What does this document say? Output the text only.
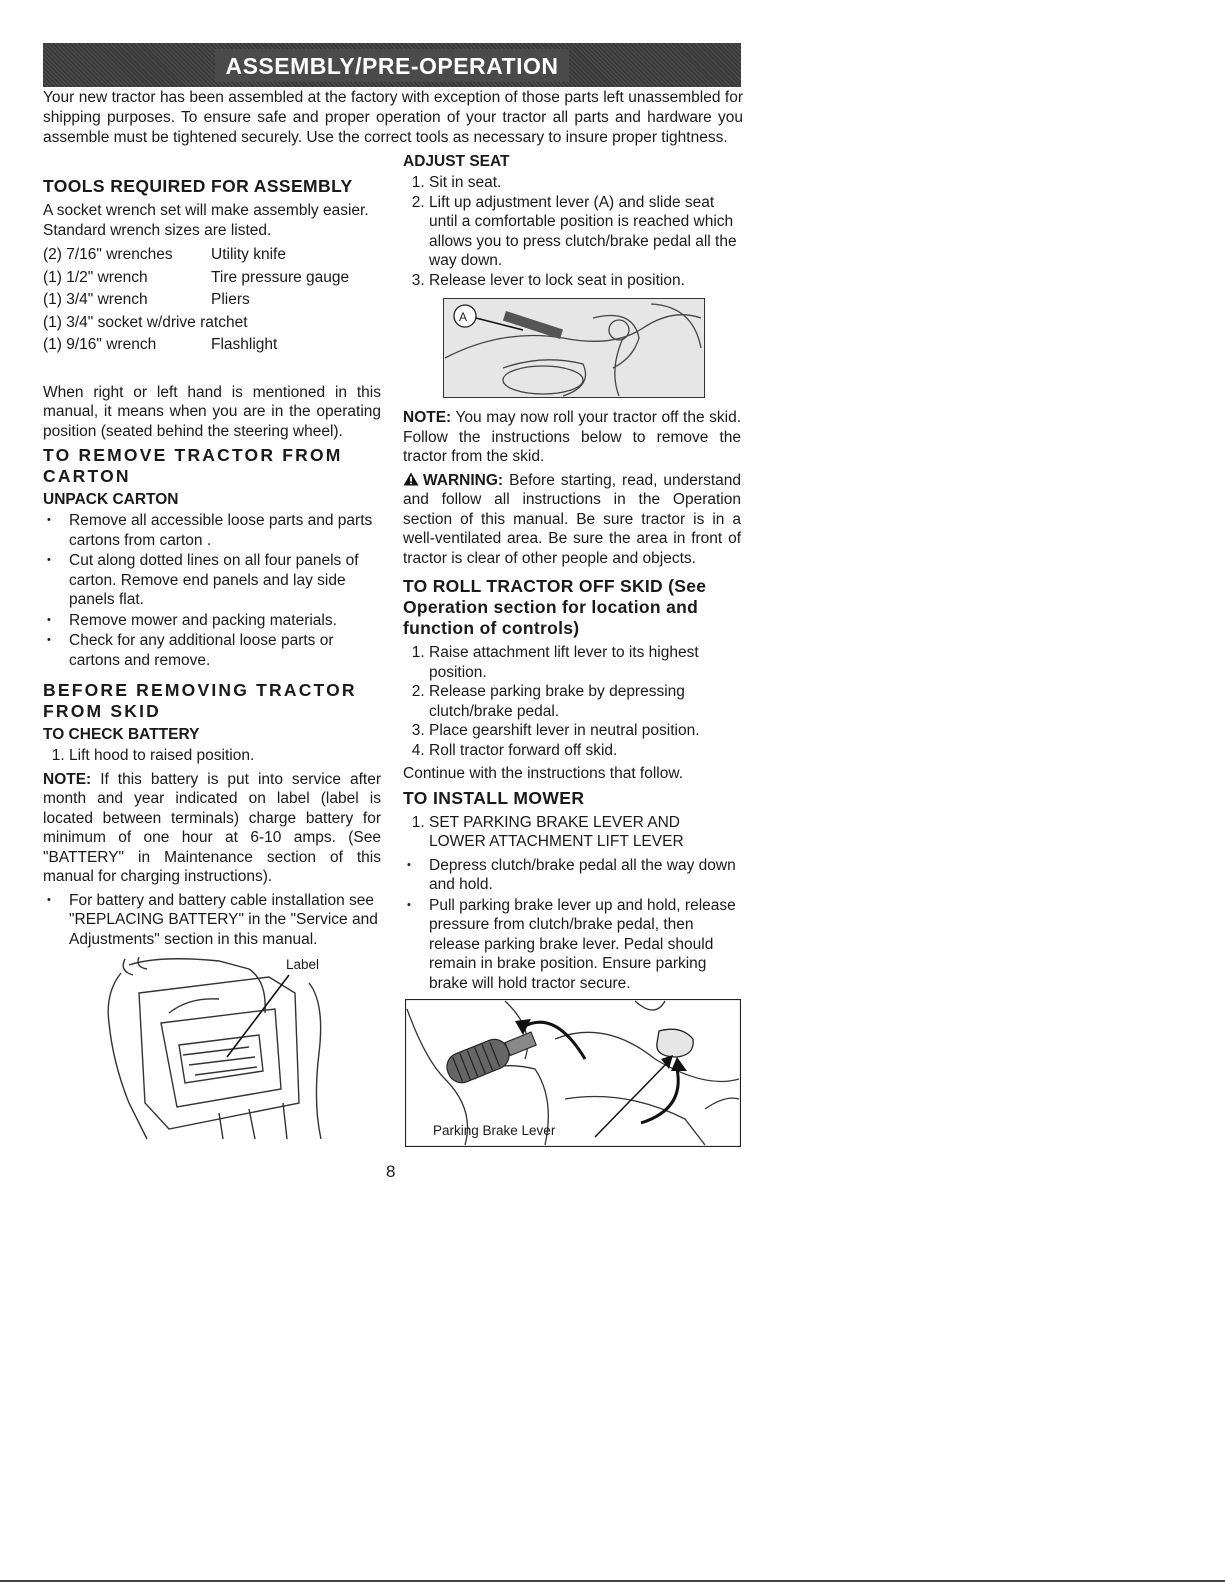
ASSEMBLY/PRE-OPERATION

Your new tractor has been assembled at the factory with exception of those parts left unassembled for shipping purposes. To ensure safe and proper operation of your tractor all parts and hardware you assemble must be tightened securely. Use the correct tools as necessary to insure proper tightness.

TOOLS REQUIRED FOR ASSEMBLY

A socket wrench set will make assembly easier. Standard wrench sizes are listed.

(2) 7/16" wrenches	Utility knife
(1) 1/2" wrench	Tire pressure gauge
(1) 3/4" wrench	Pliers
(1) 3/4" socket w/drive ratchet	
(1) 9/16" wrench	Flashlight

When right or left hand is mentioned in this manual, it means when you are in the operating position (seated behind the steering wheel).

TO REMOVE TRACTOR FROM CARTON
UNPACK CARTON
• Remove all accessible loose parts and parts cartons from carton .
• Cut along dotted lines on all four panels of carton. Remove end panels and lay side panels flat.
• Remove mower and packing materials.
• Check for any additional loose parts or cartons and remove.
BEFORE REMOVING TRACTOR FROM SKID
TO CHECK BATTERY
1. Lift hood to raised position.

NOTE: If this battery is put into service after month and year indicated on label (label is located between terminals) charge battery for minimum of one hour at 6-10 amps. (See "BATTERY" in Maintenance section of this manual for charging instructions).

• For battery and battery cable installation see "REPLACING BATTERY" in the "Service and Adjustments" section in this manual.
Label
ADJUST SEAT
1. Sit in seat.
2. Lift up adjustment lever (A) and slide seat until a comfortable position is reached which allows you to press clutch/brake pedal all the way down.
3. Release lever to lock seat in position.
A

NOTE: You may now roll your tractor off the skid. Follow the instructions below to remove the tractor from the skid.

WARNING: Before starting, read, understand and follow all instructions in the Operation section of this manual. Be sure tractor is in a well-ventilated area. Be sure the area in front of tractor is clear of other people and objects.

TO ROLL TRACTOR OFF SKID (See Operation section for location and function of controls)
1. Raise attachment lift lever to its highest position.
2. Release parking brake by depressing clutch/brake pedal.
3. Place gearshift lever in neutral position.
4. Roll tractor forward off skid.

Continue with the instructions that follow.

TO INSTALL MOWER
1. SET PARKING BRAKE LEVER AND LOWER ATTACHMENT LIFT LEVER
• Depress clutch/brake pedal all the way down and hold.
• Pull parking brake lever up and hold, release pressure from clutch/brake pedal, then release parking brake lever. Pedal should remain in brake position. Ensure parking brake will hold tractor secure.
Parking Brake Lever
8
